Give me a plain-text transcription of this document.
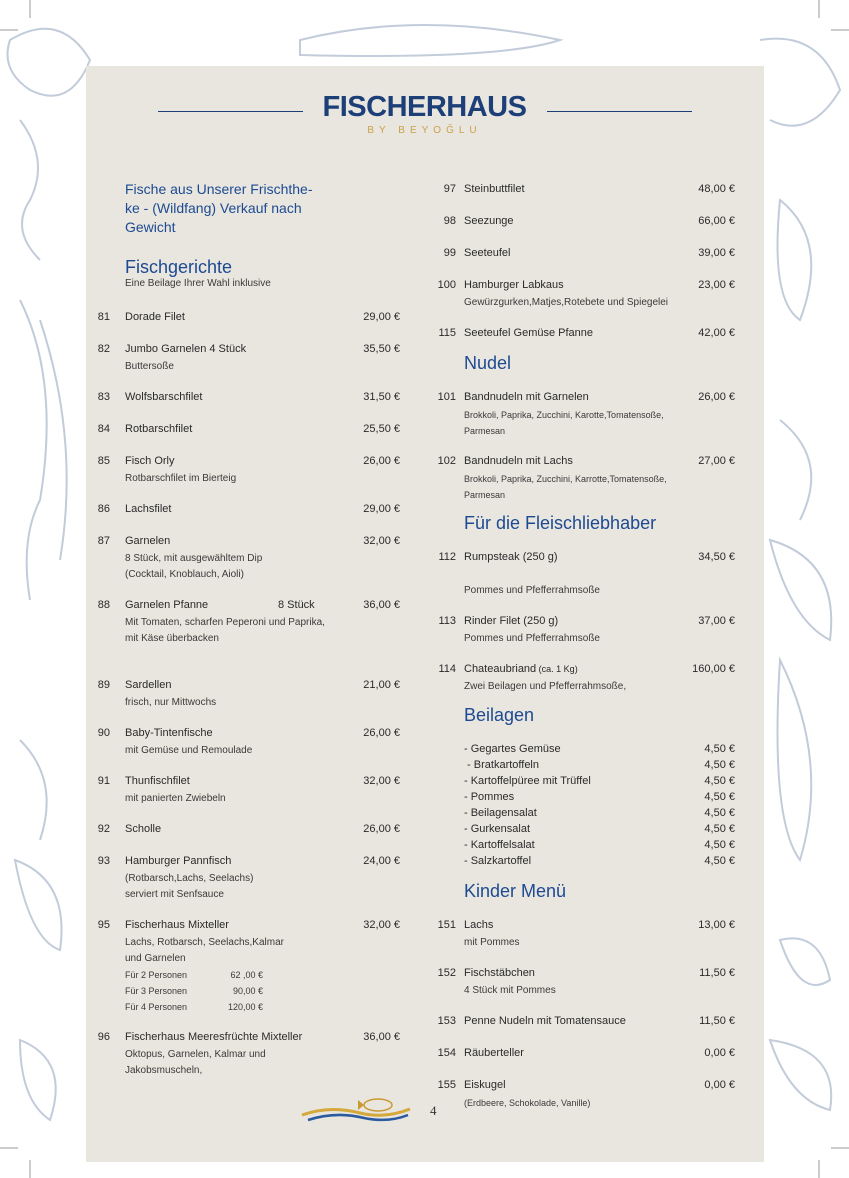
FISCHERHAUS
BY BEYOĞLU
Fische aus Unserer Frischthe-
ke - (Wildfang) Verkauf nach
Gewicht
Fischgerichte
Eine Beilage Ihrer Wahl inklusive
81 Dorade Filet	29,00 €
82 Jumbo Garnelen 4 Stück	35,50 €
Buttersoße
83 Wolfsbarschfilet	31,50 €
84 Rotbarschfilet	25,50 €
85 Fisch Orly	26,00 €
Rotbarschfilet im Bierteig
86 Lachsfilet	29,00 €
87 Garnelen	32,00 €
8 Stück, mit ausgewähltem Dip
(Cocktail, Knoblauch, Aioli)
88 Garnelen Pfanne	8 Stück	36,00 €
Mit Tomaten, scharfen Peperoni und Paprika,
mit Käse überbacken
89 Sardellen	21,00 €
frisch, nur Mittwochs
90 Baby-Tintenfische	26,00 €
mit Gemüse und Remoulade
91 Thunfischfilet	32,00 €
mit panierten Zwiebeln
92 Scholle	26,00 €
93 Hamburger Pannfisch	24,00 €
(Rotbarsch,Lachs, Seelachs)
serviert mit Senfsauce
95 Fischerhaus Mixteller	32,00 €
Lachs, Rotbarsch, Seelachs,Kalmar
und Garnelen
Für 2 Personen	62 ,00 €
Für 3 Personen	90,00 €
Für 4 Personen	120,00 €
96 Fischerhaus Meeresfrüchte Mixteller	36,00 €
Oktopus, Garnelen, Kalmar und
Jakobsmuscheln,
97 Steinbuttfilet	48,00 €
98 Seezunge	66,00 €
99 Seeteufel	39,00 €
100 Hamburger Labkaus	23,00 €
Gewürzgurken,Matjes,Rotebete und Spiegelei
115 Seeteufel Gemüse Pfanne	42,00 €
Nudel
101 Bandnudeln mit Garnelen	26,00 €
Brokkoli, Paprika, Zucchini, Karotte,Tomatensoße,
Parmesan
102 Bandnudeln mit Lachs	27,00 €
Brokkoli, Paprika, Zucchini, Karrotte,Tomatensoße,
Parmesan
Für die Fleischliebhaber
112 Rumpsteak (250 g)	34,50 €
Pommes und Pfefferrahmsoße
113 Rinder Filet (250 g)	37,00 €
Pommes und Pfefferrahmsoße
114 Chateaubriand (ca. 1 Kg)	160,00 €
Zwei Beilagen und Pfefferrahmsoße,
Beilagen
- Gegartes Gemüse	4,50 €
- Bratkartoffeln	4,50 €
- Kartoffelpüree mit Trüffel	4,50 €
- Pommes	4,50 €
- Beilagensalat	4,50 €
- Gurkensalat	4,50 €
- Kartoffelsalat	4,50 €
- Salzkartoffel	4,50 €
Kinder Menü
151 Lachs	13,00 €
mit Pommes
152 Fischstäbchen	11,50 €
4 Stück mit Pommes
153 Penne Nudeln mit Tomatensauce	11,50 €
154 Räuberteller	0,00 €
155 Eiskugel	0,00 €
(Erdbeere, Schokolade, Vanille)
4
